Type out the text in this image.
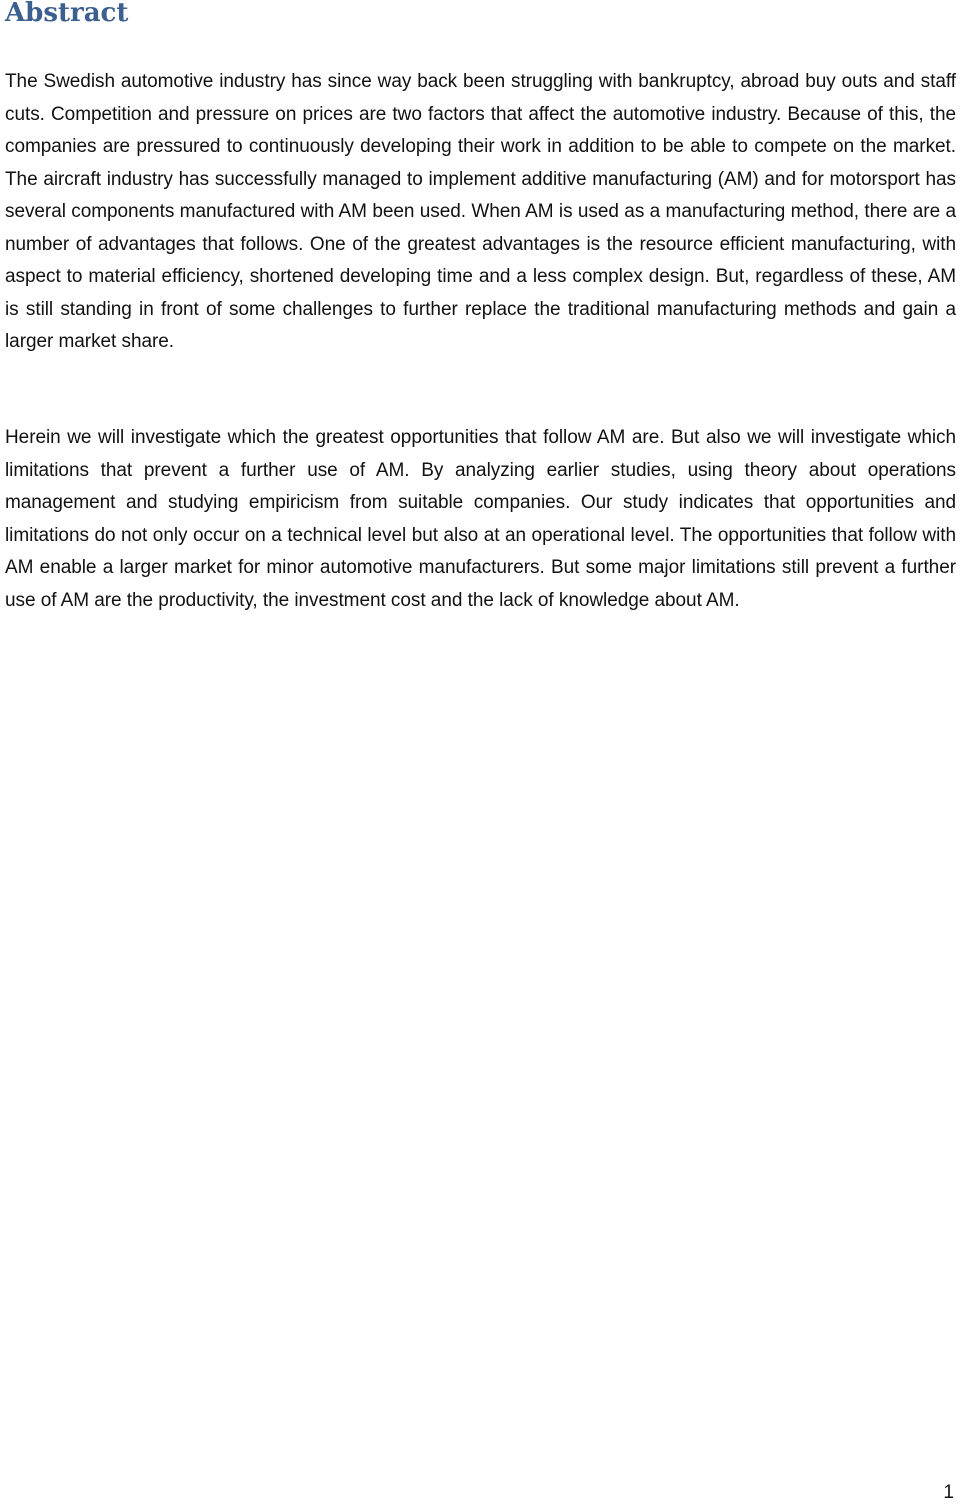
Abstract

The Swedish automotive industry has since way back been struggling with bankruptcy, abroad buy outs and staff cuts. Competition and pressure on prices are two factors that affect the automotive industry. Because of this, the companies are pressured to continuously developing their work in addition to be able to compete on the market. The aircraft industry has successfully managed to implement additive manufacturing (AM) and for motorsport has several components manufactured with AM been used. When AM is used as a manufacturing method, there are a number of advantages that follows. One of the greatest advantages is the resource efficient manufacturing, with aspect to material efficiency, shortened developing time and a less complex design. But, regardless of these, AM is still standing in front of some challenges to further replace the traditional manufacturing methods and gain a larger market share.

Herein we will investigate which the greatest opportunities that follow AM are. But also we will investigate which limitations that prevent a further use of AM. By analyzing earlier studies, using theory about operations management and studying empiricism from suitable companies. Our study indicates that opportunities and limitations do not only occur on a technical level but also at an operational level. The opportunities that follow with AM enable a larger market for minor automotive manufacturers. But some major limitations still prevent a further use of AM are the productivity, the investment cost and the lack of knowledge about AM.

1
